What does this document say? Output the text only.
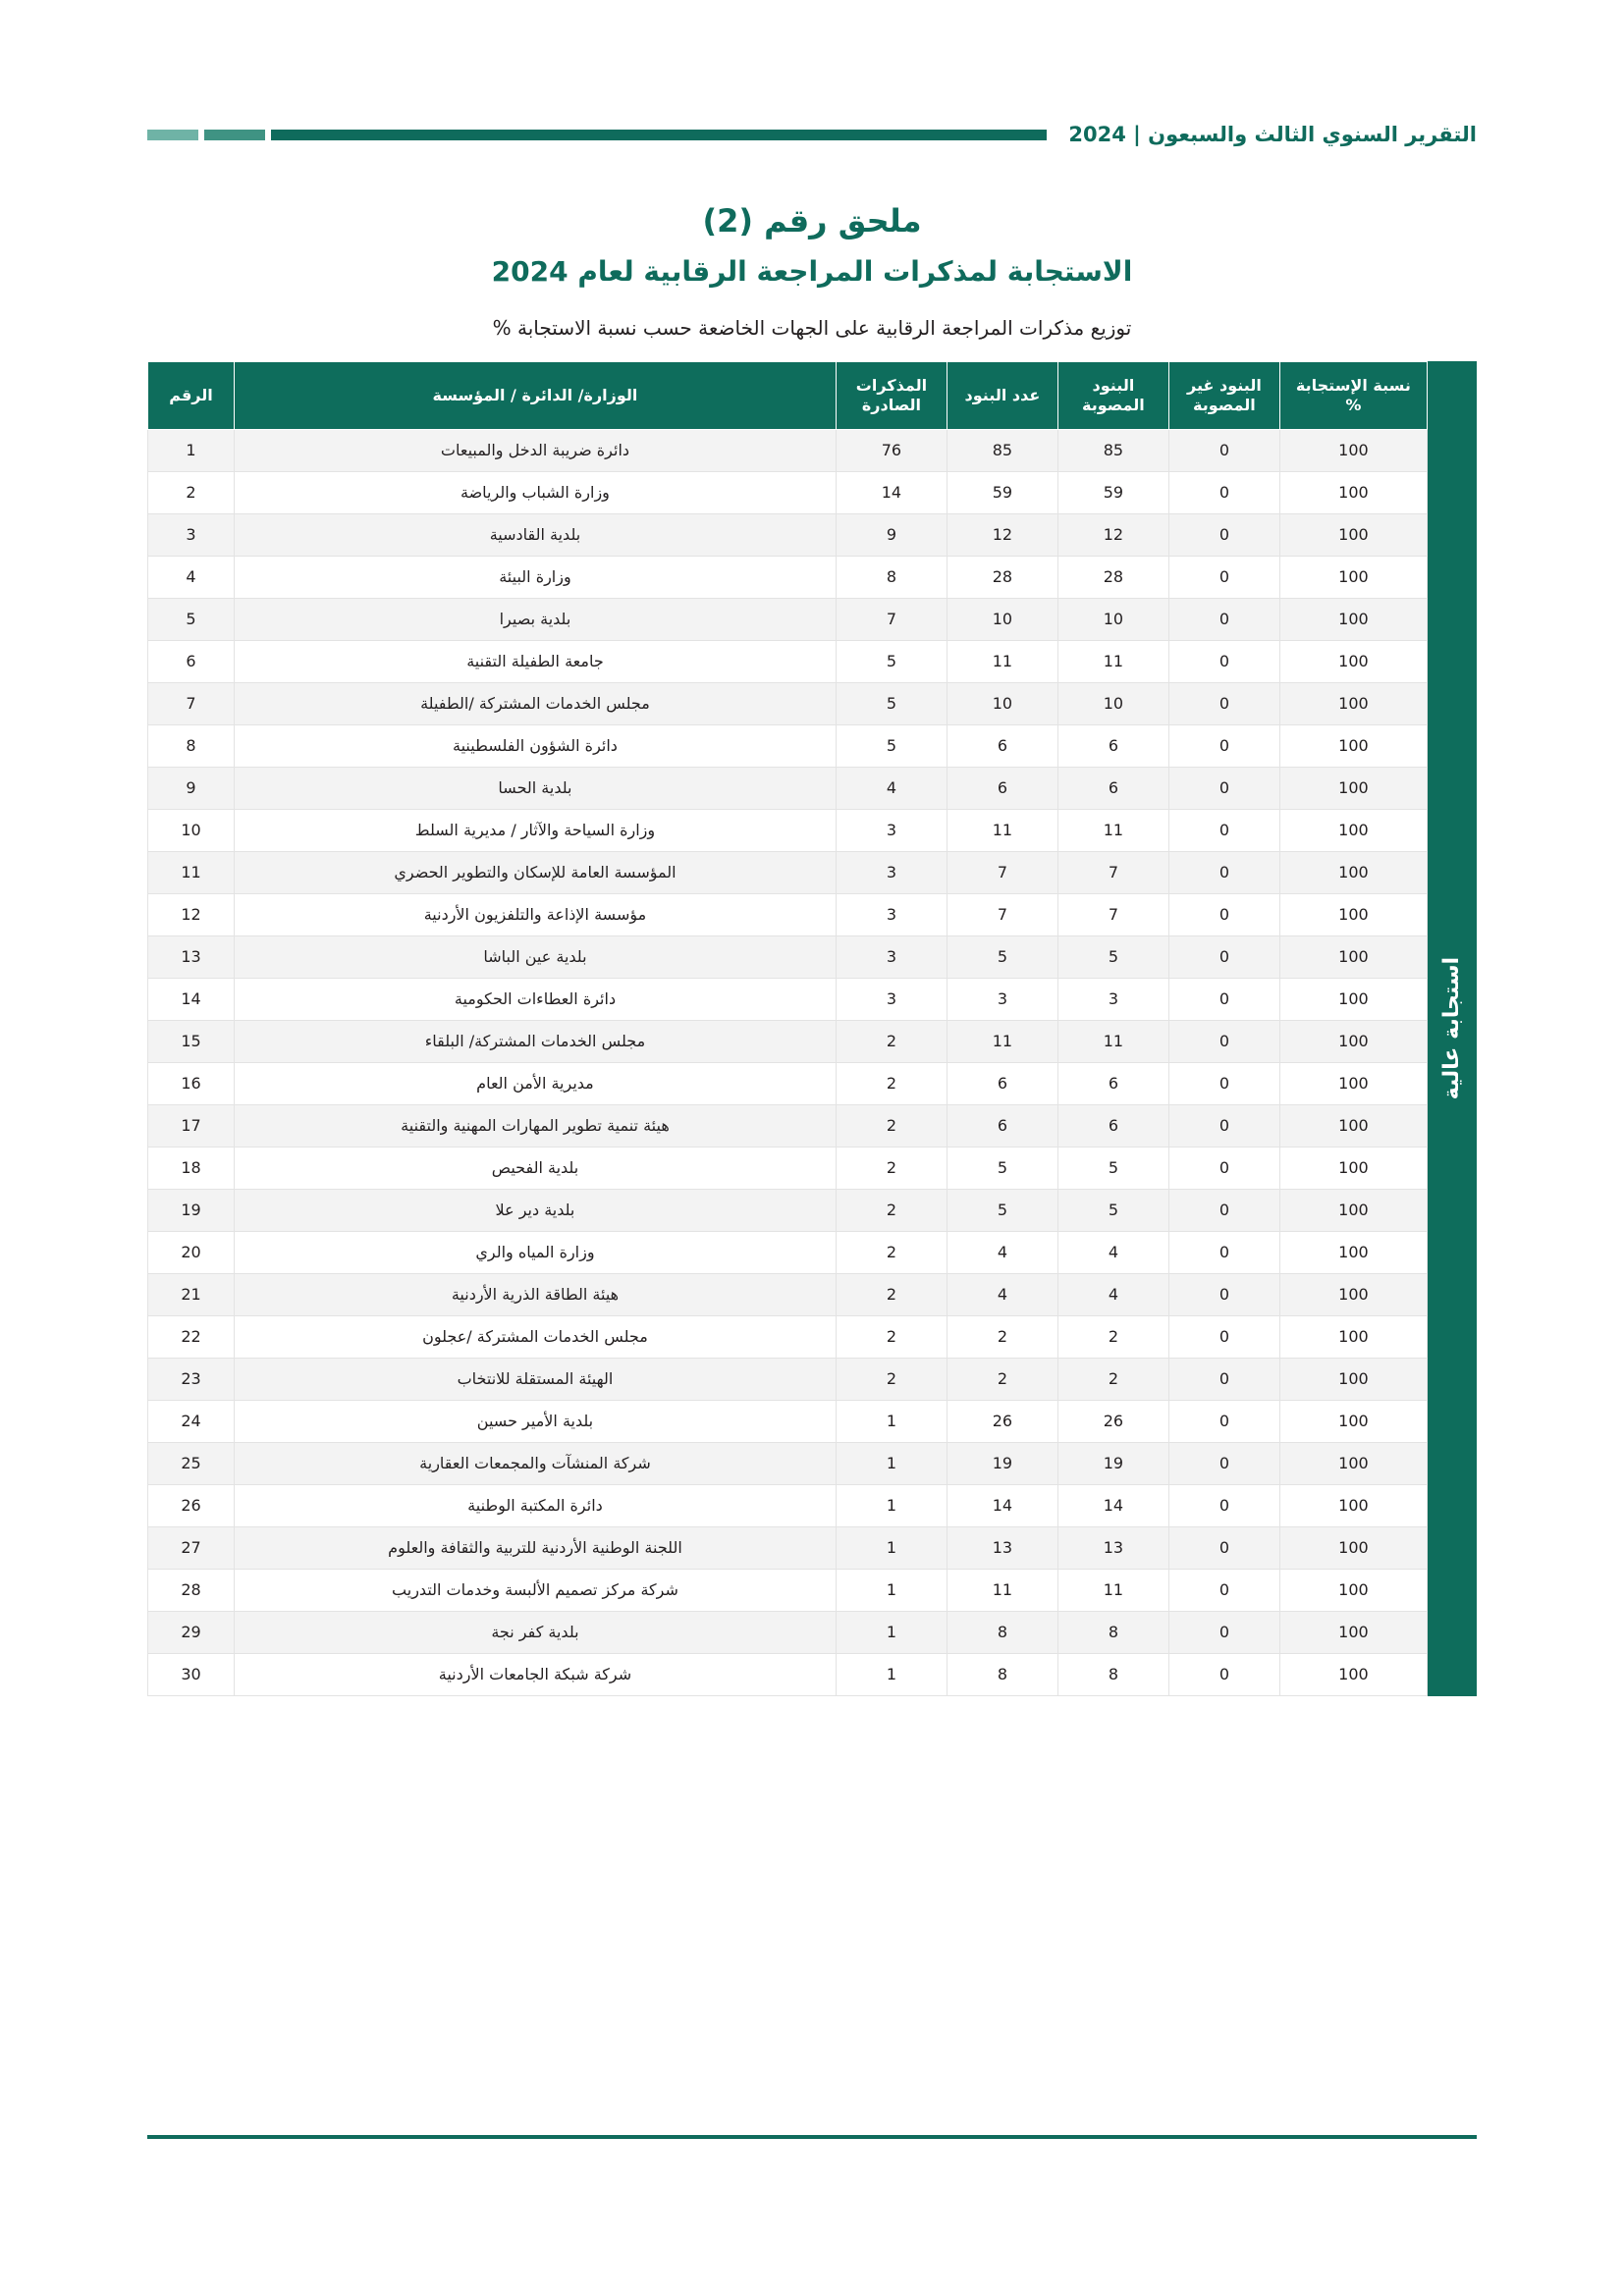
التقرير السنوي الثالث والسبعون | 2024
ملحق رقم (2)
الاستجابة لمذكرات المراجعة الرقابية لعام 2024
توزيع مذكرات المراجعة الرقابية على الجهات الخاضعة حسب نسبة الاستجابة %
استجابة عالية
نسبة الإستجابة %	البنود غير المصوبة	البنود المصوبة	عدد البنود	المذكرات الصادرة	الوزارة/ الدائرة / المؤسسة	الرقم
100	0	85	85	76	دائرة ضريبة الدخل والمبيعات	1
100	0	59	59	14	وزارة الشباب والرياضة	2
100	0	12	12	9	بلدية القادسية	3
100	0	28	28	8	وزارة البيئة	4
100	0	10	10	7	بلدية بصيرا	5
100	0	11	11	5	جامعة الطفيلة التقنية	6
100	0	10	10	5	مجلس الخدمات المشتركة /الطفيلة	7
100	0	6	6	5	دائرة الشؤون الفلسطينية	8
100	0	6	6	4	بلدية الحسا	9
100	0	11	11	3	وزارة السياحة والآثار / مديرية السلط	10
100	0	7	7	3	المؤسسة العامة للإسكان والتطوير الحضري	11
100	0	7	7	3	مؤسسة الإذاعة والتلفزيون الأردنية	12
100	0	5	5	3	بلدية عين الباشا	13
100	0	3	3	3	دائرة العطاءات الحكومية	14
100	0	11	11	2	مجلس الخدمات المشتركة/ البلقاء	15
100	0	6	6	2	مديرية الأمن العام	16
100	0	6	6	2	هيئة تنمية تطوير المهارات المهنية والتقنية	17
100	0	5	5	2	بلدية الفحيص	18
100	0	5	5	2	بلدية دير علا	19
100	0	4	4	2	وزارة المياه والري	20
100	0	4	4	2	هيئة الطاقة الذرية الأردنية	21
100	0	2	2	2	مجلس الخدمات المشتركة /عجلون	22
100	0	2	2	2	الهيئة المستقلة للانتخاب	23
100	0	26	26	1	بلدية الأمير حسين	24
100	0	19	19	1	شركة المنشآت والمجمعات العقارية	25
100	0	14	14	1	دائرة المكتبة الوطنية	26
100	0	13	13	1	اللجنة الوطنية الأردنية للتربية والثقافة والعلوم	27
100	0	11	11	1	شركة مركز تصميم الألبسة وخدمات التدريب	28
100	0	8	8	1	بلدية كفر نجة	29
100	0	8	8	1	شركة شبكة الجامعات الأردنية	30
